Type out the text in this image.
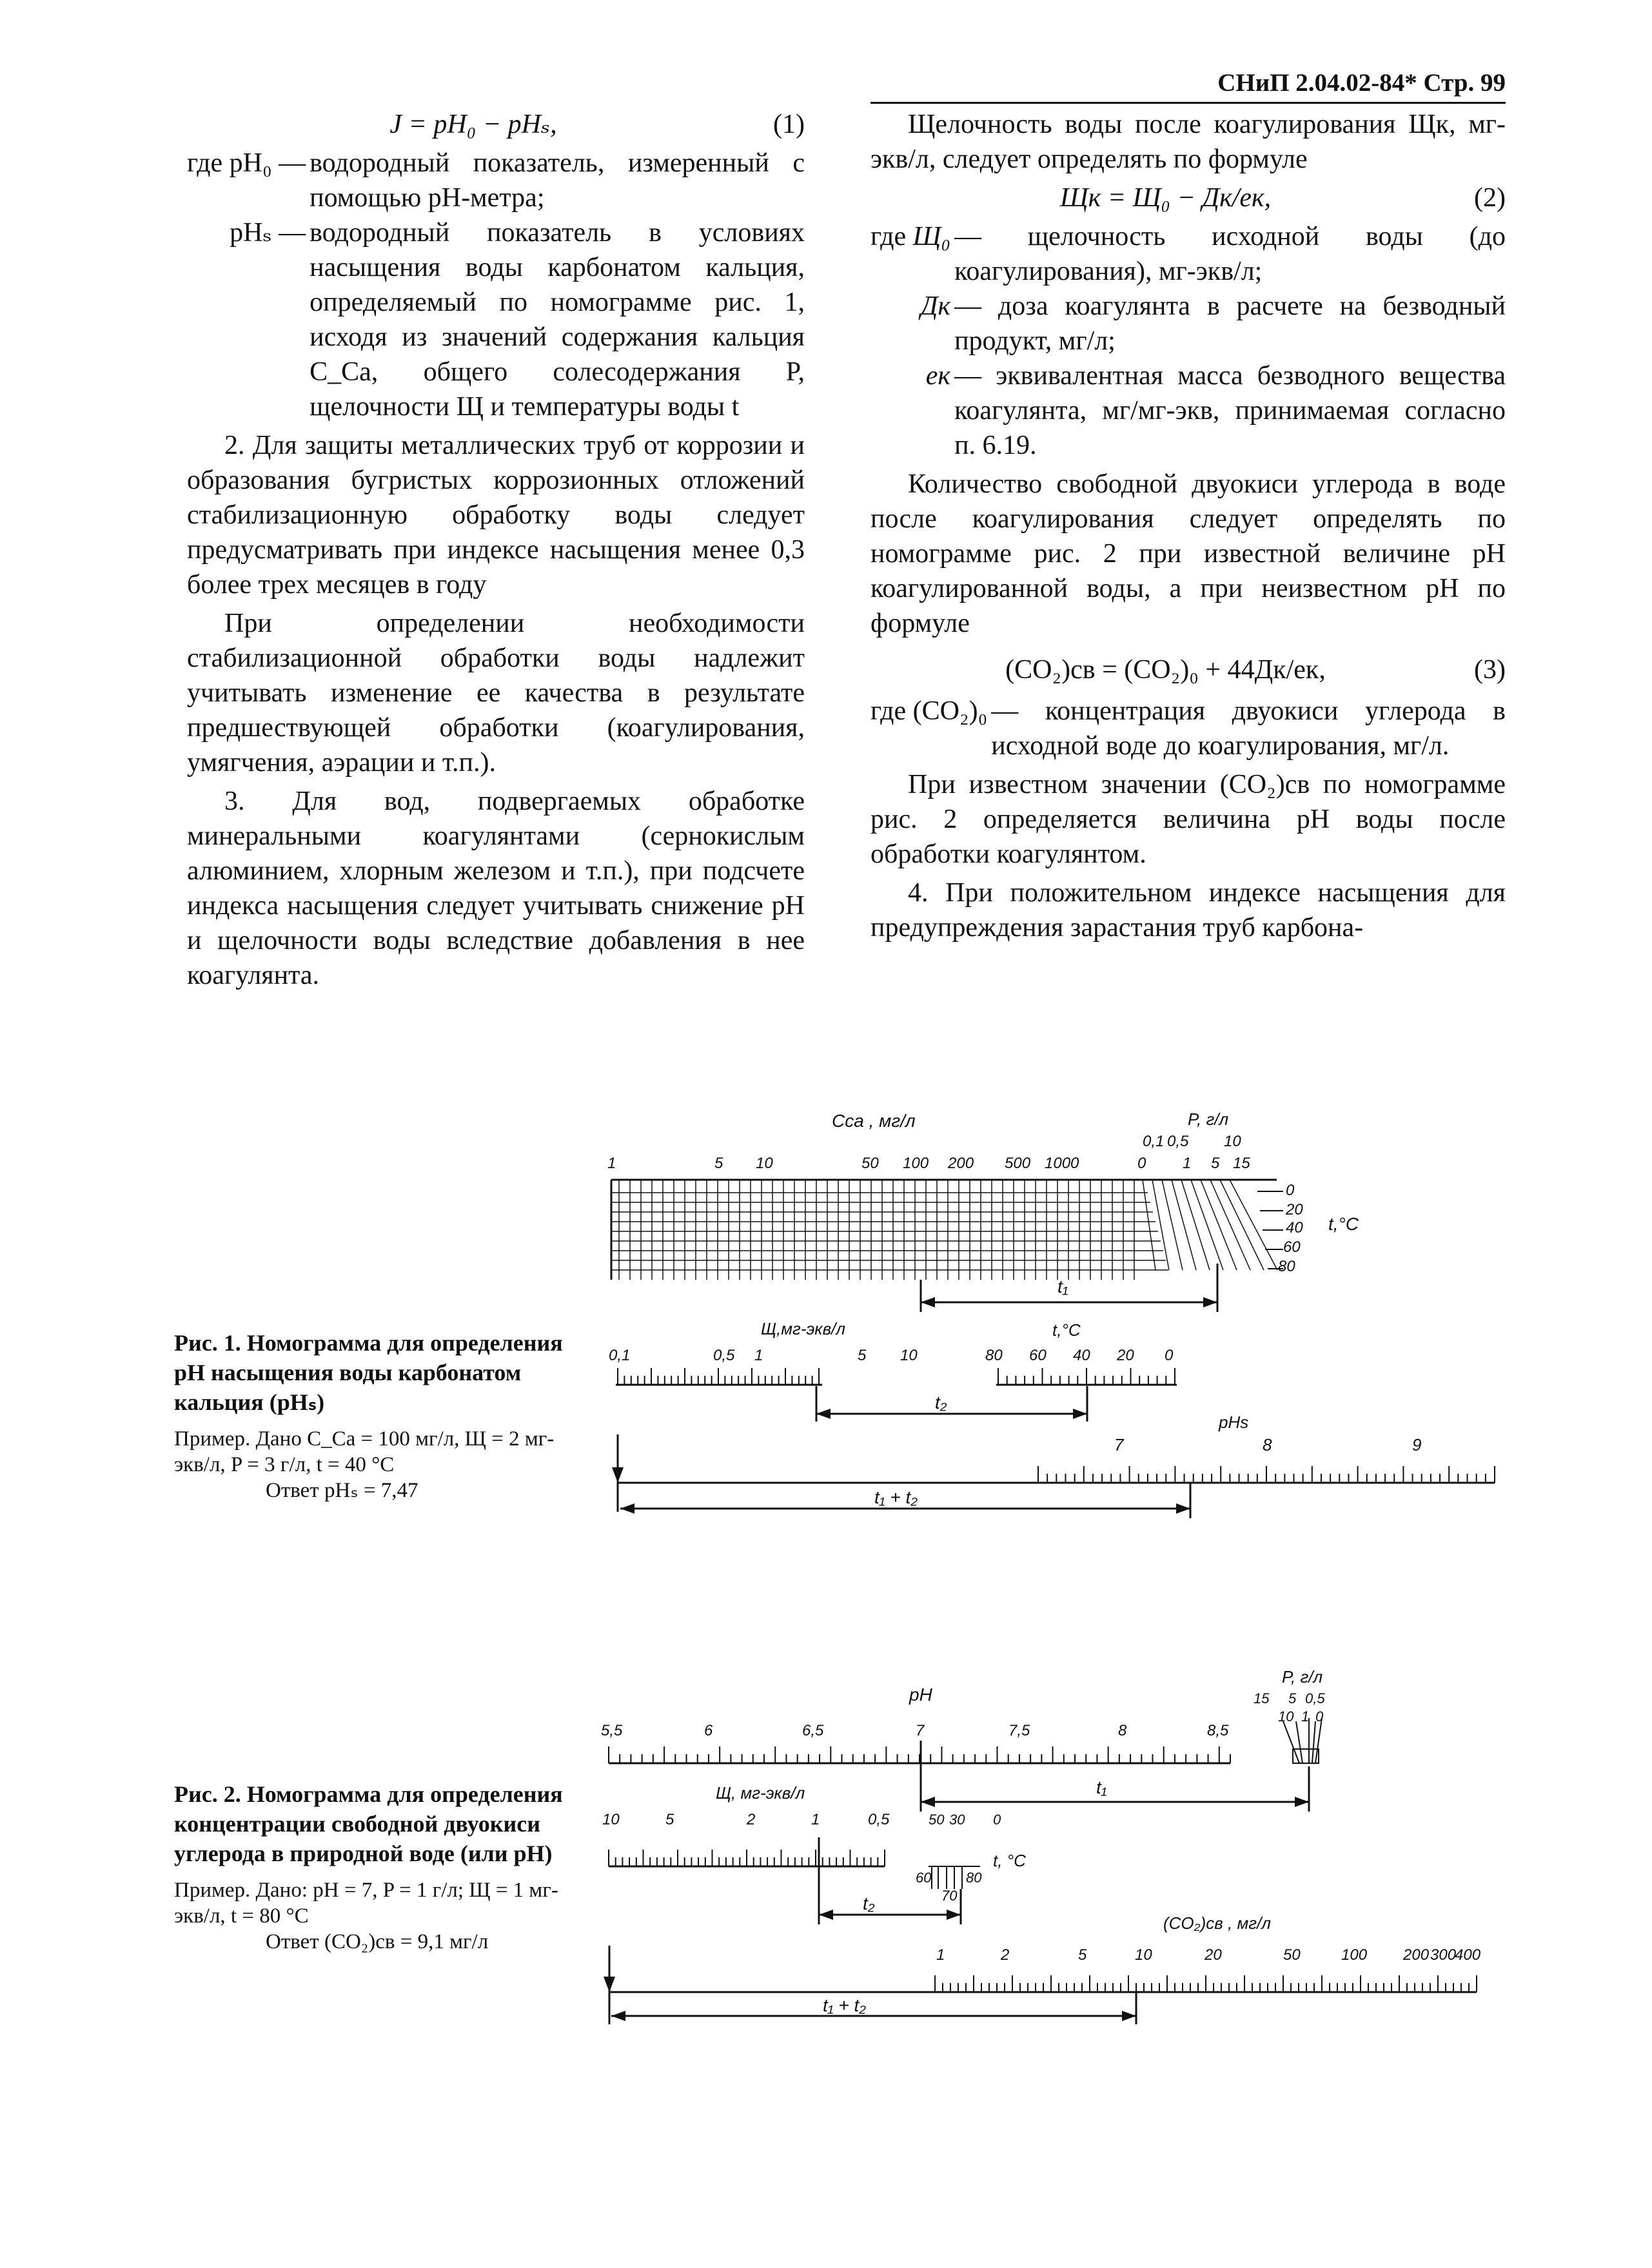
СНиП 2.04.02-84* Стр. 99
J = pH₀ − pHₛ,	(1)
где pH₀ — водородный показатель, измеренный с помощью pH-метра;
pHₛ — водородный показатель в условиях насыщения воды карбонатом кальция, определяемый по номограмме рис. 1, исходя из значений содержания кальция C_Ca, общего солесодержания P, щелочности Щ и температуры воды t

2. Для защиты металлических труб от коррозии и образования бугристых коррозионных отложений стабилизационную обработку воды следует предусматривать при индексе насыщения менее 0,3 более трех месяцев в году

При определении необходимости стабилизационной обработки воды надлежит учитывать изменение ее качества в результате предшествующей обработки (коагулирования, умягчения, аэрации и т.п.).

3. Для вод, подвергаемых обработке минеральными коагулянтами (сернокислым алюминием, хлорным железом и т.п.), при подсчете индекса насыщения следует учитывать снижение pH и щелочности воды вследствие добавления в нее коагулянта.

Щелочность воды после коагулирования Щк, мг-экв/л, следует определять по формуле

Щк = Щ₀ − Дк/eк,	(2)
где Щ₀ — щелочность исходной воды (до коагулирования), мг-экв/л;
Дк — доза коагулянта в расчете на безводный продукт, мг/л;
eк — эквивалентная масса безводного вещества коагулянта, мг/мг-экв, принимаемая согласно п. 6.19.

Количество свободной двуокиси углерода в воде после коагулирования следует определять по номограмме рис. 2 при известной величине pH коагулированной воды, а при неизвестном pH по формуле

(CO₂)св = (CO₂)₀ + 44Дк/eк,	(3)
где (CO₂)₀ — концентрация двуокиси углерода в исходной воде до коагулирования, мг/л.

При известном значении (CO₂)св по номограмме рис. 2 определяется величина pH воды после обработки коагулянтом.

4. При положительном индексе насыщения для предупреждения зарастания труб карбона-

Рис. 1. Номограмма для определения pH насыщения воды карбонатом кальция (pHₛ)
Пример. Дано C_Ca = 100 мг/л, Щ = 2 мг-экв/л, P = 3 г/л, t = 40 °C
Ответ pHₛ = 7,47
Cса , мг/л
1	5 10	50 100 200 500 1000
P, г/л
0,1 0,5 10
0 1 5 15
0
20
40
60
80
t,°C
t₁
t,°C
Щ,мг-экв/л
0,1	0,5 1	5 10	80 60 40 20 0
t₂
pHs
7	8	9
t₁ + t₂
pH
5,5	6	6,5	7	7,5	8	8,5
P, г/л
15 5 0,5
10 1 0
t₁
Щ, мг-экв/л
10	5	2	1	0,5	50 30 0
60 80
70
t, °C
t₂
(CO₂)св , мг/л
1	2	5	10	20	50	100 200 300
400
t₁ + t₂
Рис. 2. Номограмма для определения концентрации свободной двуокиси углерода в природной воде (или pH)
Пример. Дано: pH = 7, P = 1 г/л; Щ = 1 мг-экв/л, t = 80 °C
Ответ (CO₂)св = 9,1 мг/л
